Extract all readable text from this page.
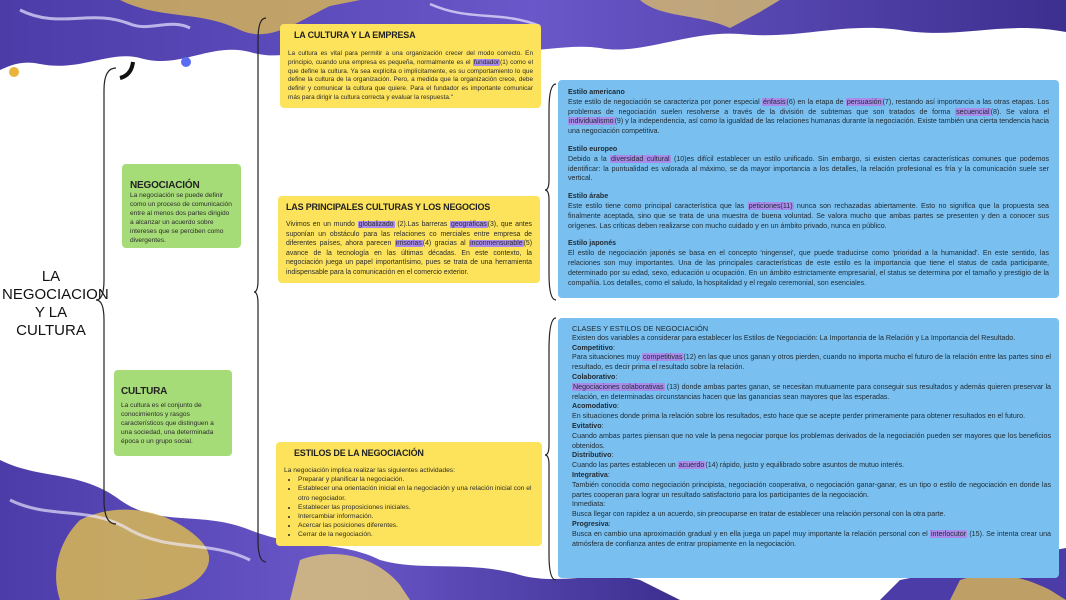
LA
NEGOCIACION
Y LA CULTURA
NEGOCIACIÓN
La negociación se puede definir como un proceso de comunicación entre al menos dos partes dirigido a alcanzar un acuerdo sobre intereses que se perciben como divergentes.
CULTURA
La cultura es el conjunto de conocimientos y rasgos característicos que distinguen a una sociedad, una determinada época o un grupo social.
LA CULTURA Y LA EMPRESA
La cultura es vital para permitir a una organización crecer del modo correcto. En principio, cuando una empresa es pequeña, normalmente es el fundador(1) como el que define la cultura. Ya sea explícita o implícitamente, es su comportamiento lo que define la cultura de la organización. Pero, a medida que la organización crece, debe definir y comunicar la cultura que quiere. Para el fundador es importante comunicar más para dirigir la cultura correcta y evaluar la respuesta."
LAS PRINCIPALES CULTURAS Y LOS NEGOCIOS
Vivimos en un mundo globalizado (2).Las barreras geográficas(3), que antes suponían un obstáculo para las relaciones co merciales entre empresa de diferentes países, ahora parecen irrisorias(4) gracias al inconmensurable(5) avance de la tecnología en las últimas décadas. En este contexto, la negociación juega un papel importantísimo, pues se trata de una herramienta indispensable para la comunicación en el comercio exterior.
ESTILOS DE LA NEGOCIACIÓN
La negociación implica realizar las siguientes actividades:
• Preparar y planificar la negociación.
• Establecer una orientación inicial en la negociación y una relación inicial con el otro negociador.
• Establecer las proposiciones iniciales.
• Intercambiar información.
• Acercar las posiciones diferentes.
• Cerrar de la negociación.
Estilo americano
Este estilo de negociación se caracteriza por poner especial énfasis(6) en la etapa de persuasión(7), restando así importancia a las otras etapas. Los problemas de negociación suelen resolverse a través de la división de subtemas que son tratados de forma secuencial(8). Se valora el individualismo(9) y la independencia, así como la igualdad de las relaciones humanas durante la negociación. Existe también una cierta tendencia hacia una negociación competitiva.
Estilo europeo
Debido a la diversidad cultural (10)es difícil establecer un estilo unificado. Sin embargo, si existen ciertas características comunes que podemos identificar: la puntualidad es valorada al máximo, se da mayor importancia a los detalles, la relación profesional es fría y la comunicación suele ser vertical.
Estilo árabe
Este estilo tiene como principal característica que las peticiones(11) nunca son rechazadas abiertamente. Esto no significa que la propuesta sea finalmente aceptada, sino que se trata de una muestra de buena voluntad. Se valora mucho que ambas partes se presenten y den a conocer sus orígenes. Las críticas deben realizarse con mucho cuidado y en un ámbito privado, nunca en público.
Estilo japonés
El estilo de negociación japonés se basa en el concepto 'ningensei', que puede traducirse como 'prioridad a la humanidad'. En este sentido, las relaciones son muy importantes. Una de las principales características de este estilo es la importancia que tiene el status de cada participante, determinado por su edad, sexo, educación u ocupación. En un ámbito estrictamente empresarial, el status se determina por el tamaño y prestigio de la compañía. Los detalles, como el saludo, la hospitalidad y el regalo ceremonial, son esenciales.
CLASES Y ESTILOS DE NEGOCIACIÓN
Existen dos variables a considerar para establecer los Estilos de Negociación: La Importancia de la Relación y La Importancia del Resultado.
Competitivo:
Para situaciones muy competitivas(12) en las que unos ganan y otros pierden, cuando no importa mucho el futuro de la relación entre las partes sino el resultado, es decir prima el resultado sobre la relación.
Colaborativo:
Negociaciones colaborativas (13) donde ambas partes ganan, se necesitan mutuamente para conseguir sus resultados y además quieren preservar la relación, en determinadas circunstancias hacen que las ganancias sean mayores que las esperadas.
Acomodativo:
En situaciones donde prima la relación sobre los resultados, esto hace que se acepte perder primeramente para obtener resultados en el futuro.
Evitativo:
Cuando ambas partes piensan que no vale la pena negociar porque los problemas derivados de la negociación pueden ser mayores que los beneficios obtenidos.
Distributivo:
Cuando las partes establecen un acuerdo(14) rápido, justo y equilibrado sobre asuntos de mutuo interés.
Integrativa:
También conocida como negociación principista, negociación cooperativa, o negociación ganar-ganar, es un tipo o estilo de negociación en donde las partes cooperan para lograr un resultado satisfactorio para los participantes de la negociación.
Inmediata:
Busca llegar con rapidez a un acuerdo, sin preocuparse en tratar de establecer una relación personal con la otra parte.
Progresiva:
Busca en cambio una aproximación gradual y en ella juega un papel muy importante la relación personal con el interlocutor (15). Se intenta crear una atmósfera de confianza antes de entrar propiamente en la negociación.
